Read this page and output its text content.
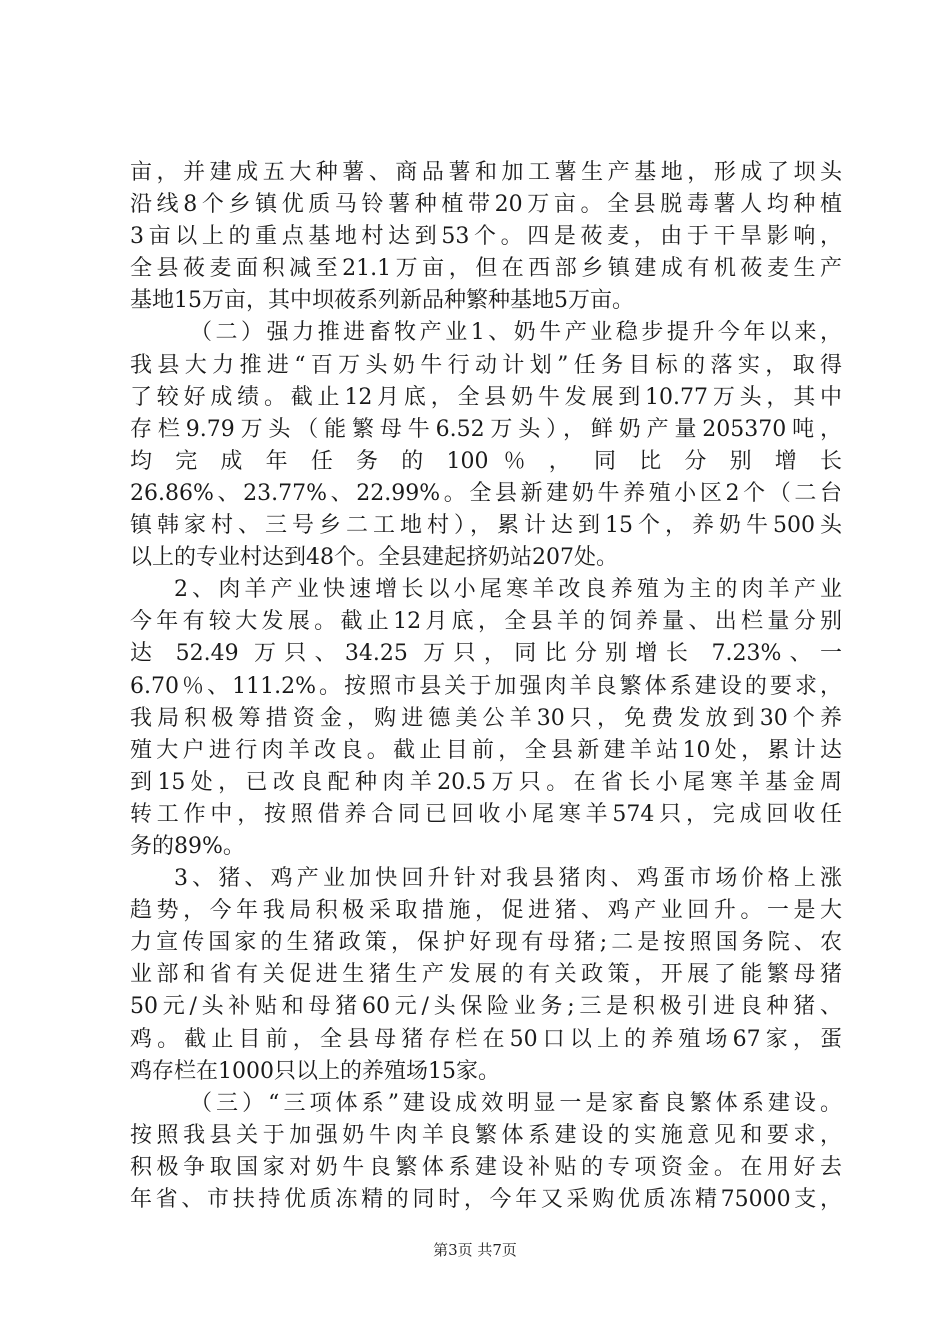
亩，并建成五大种薯、商品薯和加工薯生产基地，形成了坝头
沿线8个乡镇优质马铃薯种植带20万亩。全县脱毒薯人均种植
3亩以上的重点基地村达到53个。四是莜麦，由于干旱影响，
全县莜麦面积减至21.1万亩，但在西部乡镇建成有机莜麦生产
基地15万亩，其中坝莜系列新品种繁种基地5万亩。
（二）强力推进畜牧产业1、奶牛产业稳步提升今年以来，
我县大力推进“百万头奶牛行动计划”任务目标的落实，取得
了较好成绩。截止12月底，全县奶牛发展到10.77万头，其中
存栏9.79万头（能繁母牛6.52万头），鲜奶产量205370吨，
均 完 成 年 任 务 的 100 ％ ， 同 比 分 别 增 长
26.86%、23.77%、22.99%。全县新建奶牛养殖小区2个（二台
镇韩家村、三号乡二工地村），累计达到15个，养奶牛500头
以上的专业村达到48个。全县建起挤奶站207处。
2、肉羊产业快速增长以小尾寒羊改良养殖为主的肉羊产业
今年有较大发展。截止12月底，全县羊的饲养量、出栏量分别
达 52.49 万只、34.25 万只，同比分别增长 7.23%、一
6.70％、111.2%。按照市县关于加强肉羊良繁体系建设的要求，
我局积极筹措资金，购进德美公羊30只，免费发放到30个养
殖大户进行肉羊改良。截止目前，全县新建羊站10处，累计达
到15处，已改良配种肉羊20.5万只。在省长小尾寒羊基金周
转工作中，按照借养合同已回收小尾寒羊574只，完成回收任
务的89%。
3、猪、鸡产业加快回升针对我县猪肉、鸡蛋市场价格上涨
趋势，今年我局积极采取措施，促进猪、鸡产业回升。一是大
力宣传国家的生猪政策，保护好现有母猪;二是按照国务院、农
业部和省有关促进生猪生产发展的有关政策，开展了能繁母猪
50元/头补贴和母猪60元/头保险业务;三是积极引进良种猪、
鸡。截止目前，全县母猪存栏在50口以上的养殖场67家，蛋
鸡存栏在1000只以上的养殖场15家。
（三）“三项体系”建设成效明显一是家畜良繁体系建设。
按照我县关于加强奶牛肉羊良繁体系建设的实施意见和要求，
积极争取国家对奶牛良繁体系建设补贴的专项资金。在用好去
年省、市扶持优质冻精的同时，今年又采购优质冻精75000支，
第3页 共7页
